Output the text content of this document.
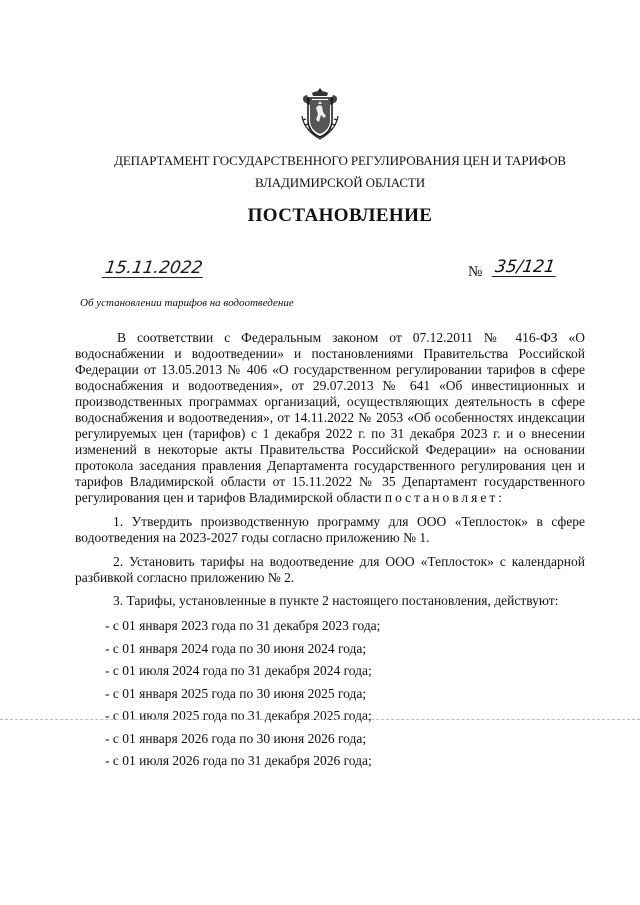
ДЕПАРТАМЕНТ ГОСУДАРСТВЕННОГО РЕГУЛИРОВАНИЯ ЦЕН И ТАРИФОВ
ВЛАДИМИРСКОЙ ОБЛАСТИ
ПОСТАНОВЛЕНИЕ
15.11.2022	№ 35/121
Об установлении тарифов на водоотведение

В соответствии с Федеральным законом от 07.12.2011 № 416-ФЗ «О водоснабжении и водоотведении» и постановлениями Правительства Российской Федерации от 13.05.2013 № 406 «О государственном регулировании тарифов в сфере водоснабжения и водоотведения», от 29.07.2013 № 641 «Об инвестиционных и производственных программах организаций, осуществляющих деятельность в сфере водоснабжения и водоотведения», от 14.11.2022 № 2053 «Об особенностях индексации регулируемых цен (тарифов) с 1 декабря 2022 г. по 31 декабря 2023 г. и о внесении изменений в некоторые акты Правительства Российской Федерации» на основании протокола заседания правления Департамента государственного регулирования цен и тарифов Владимирской области от 15.11.2022 № 35 Департамент государственного регулирования цен и тарифов Владимирской области постановляет:

1. Утвердить производственную программу для ООО «Теплосток» в сфере водоотведения на 2023-2027 годы согласно приложению № 1.

2. Установить тарифы на водоотведение для ООО «Теплосток» с календарной разбивкой согласно приложению № 2.

3. Тарифы, установленные в пункте 2 настоящего постановления, действуют:

- с 01 января 2023 года по 31 декабря 2023 года;

- с 01 января 2024 года по 30 июня 2024 года;

- с 01 июля 2024 года по 31 декабря 2024 года;

- с 01 января 2025 года по 30 июня 2025 года;

- с 01 июля 2025 года по 31 декабря 2025 года;

- с 01 января 2026 года по 30 июня 2026 года;

- с 01 июля 2026 года по 31 декабря 2026 года;
